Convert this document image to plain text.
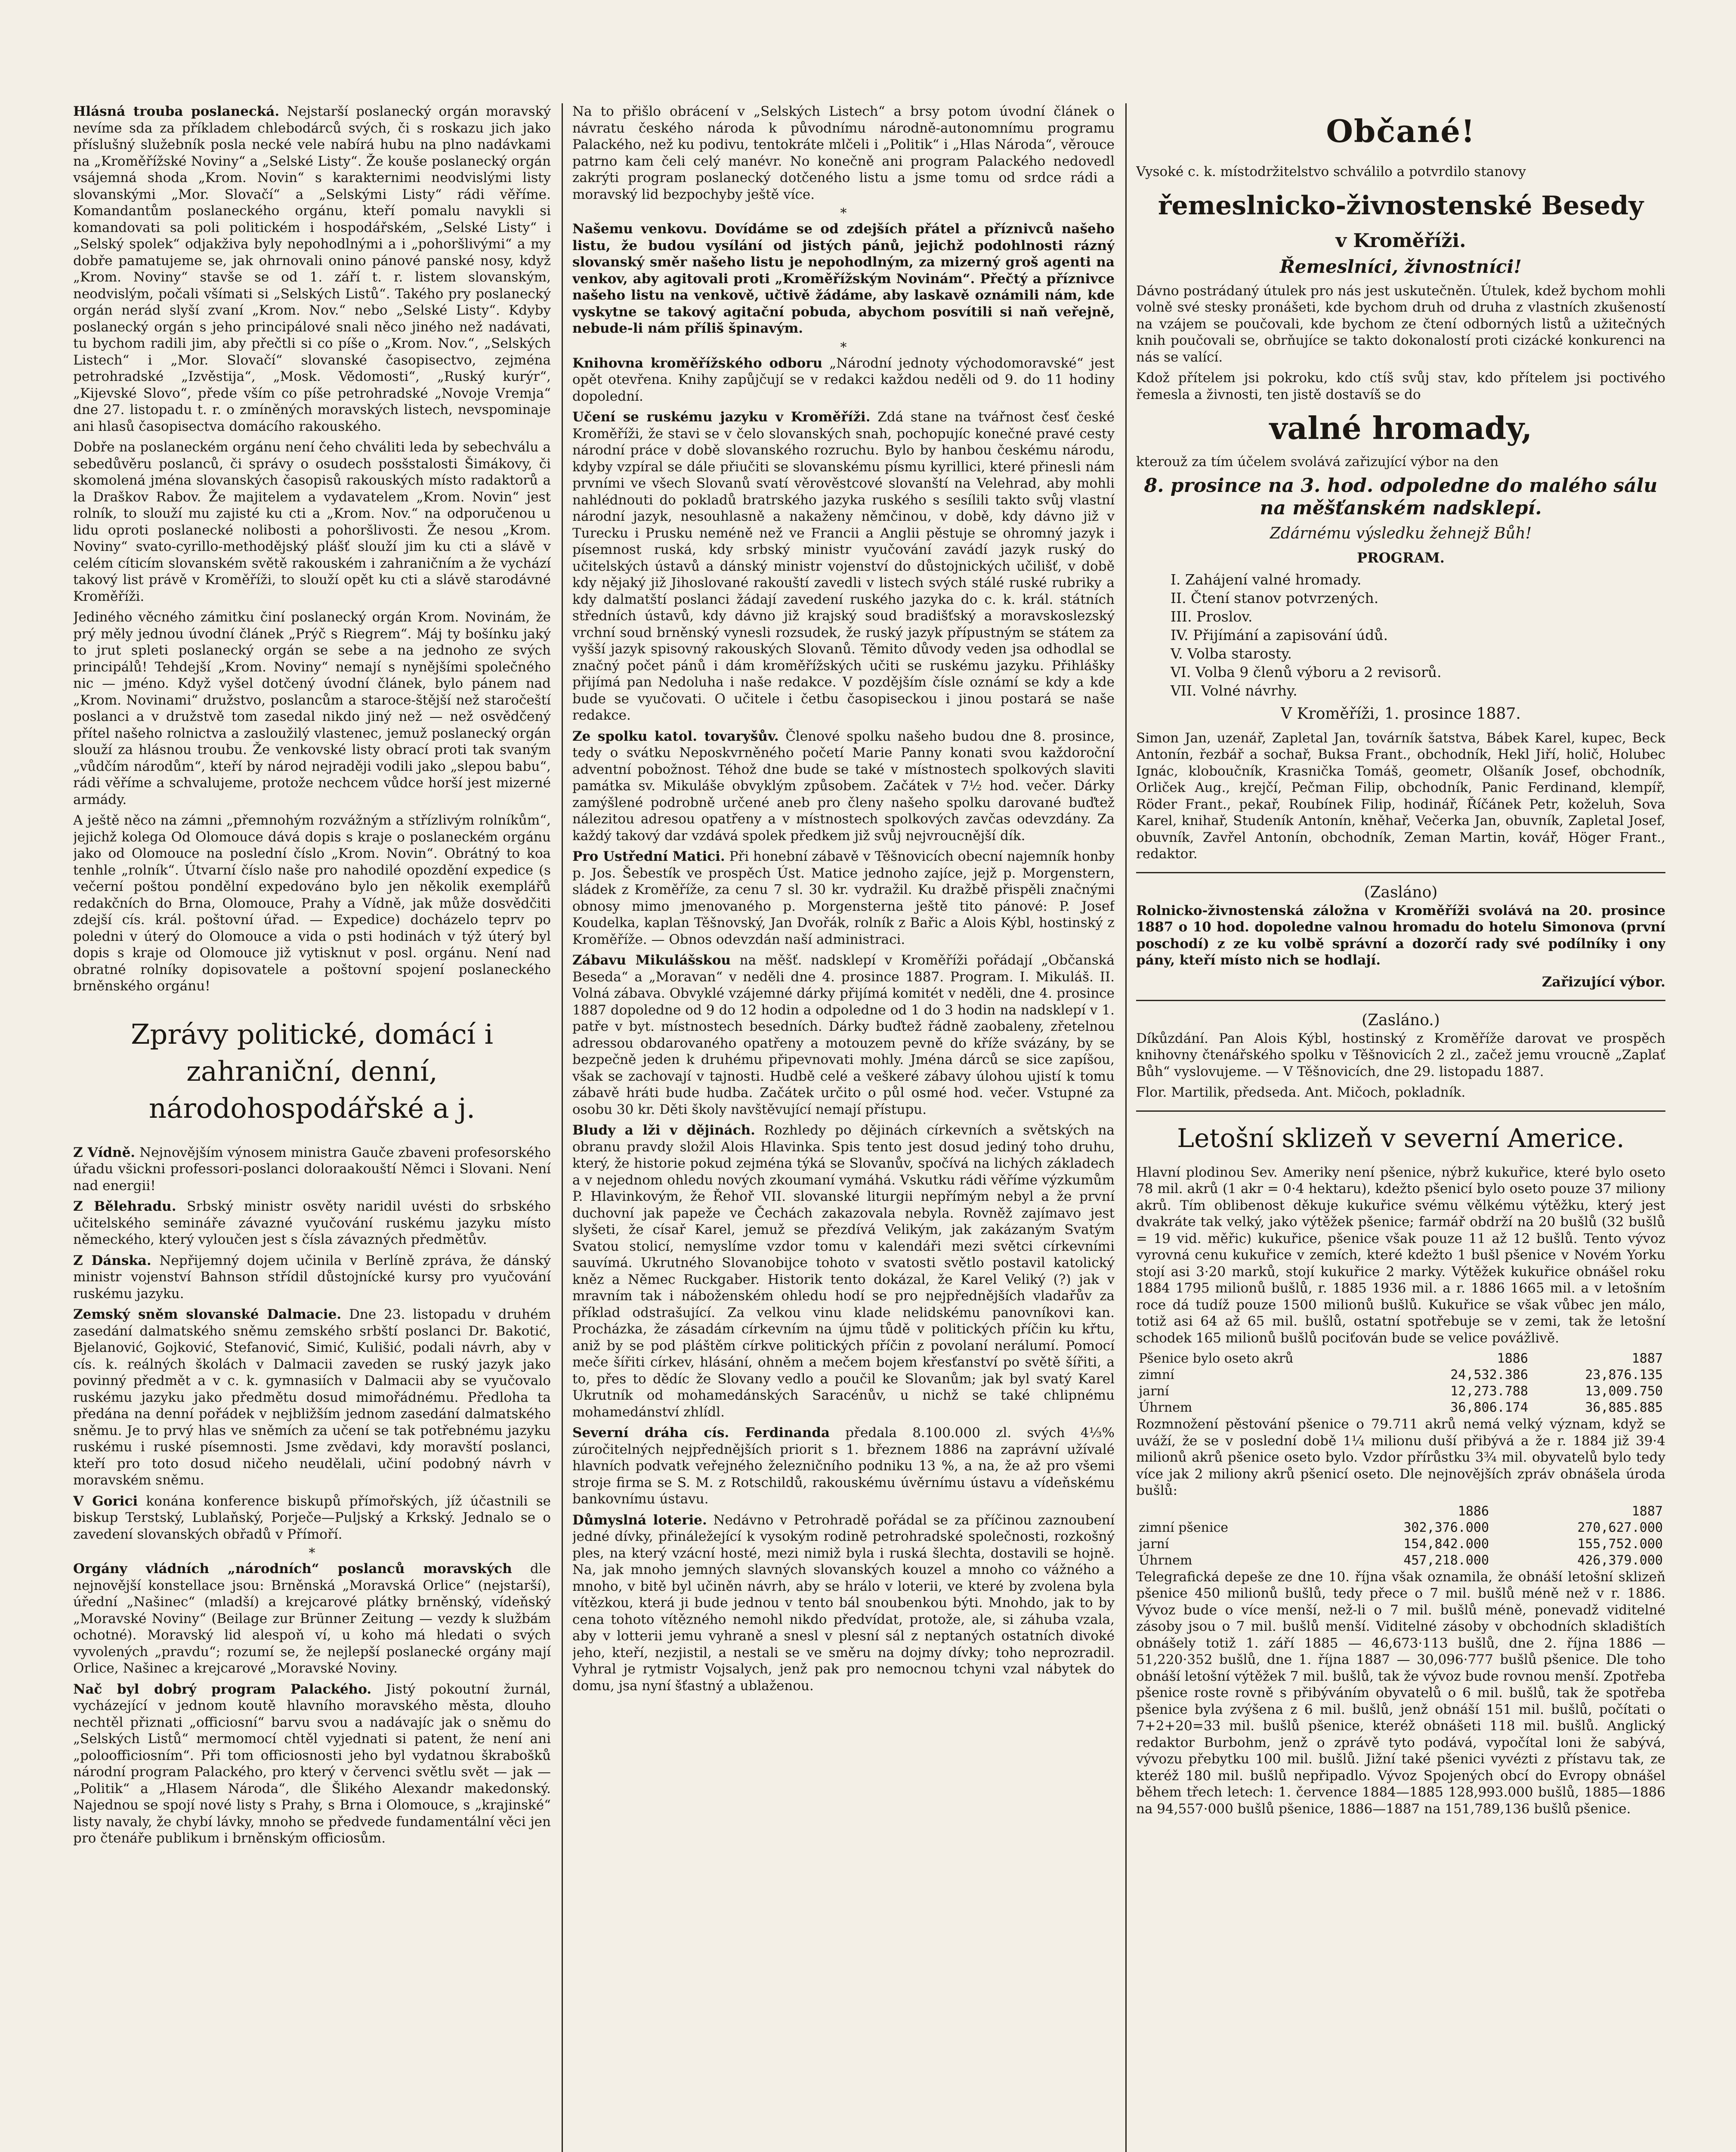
Hlásná trouba poslanecká. Nejstarší poslanecký orgán moravský nevíme sda za příkladem chlebodárců svých, či s roskazu jich jako příslušný služebník posla necké vele nabírá hubu na plno nadávkami na „Kroměřížské Noviny“ a „Selské Listy“. Že kouše poslanecký orgán vsájemná shoda „Krom. Novin“ s karakternimi neodvislými listy slovanskými „Mor. Slovačí“ a „Selskými Listy“ rádi věříme. Komandantům poslaneckého orgánu, kteří pomalu navykli si komandovati sa poli politickém i hospodářském, „Selské Listy“ i „Selský spolek“ odjakživa byly nepohodlnými a i „pohoršlivými“ a my dobře pamatujeme se, jak ohrnovali onino pánové panské nosy, když „Krom. Noviny“ stavše se od 1. září t. r. listem slovanským, neodvislým, počali všímati si „Selských Listů“. Takého pry poslanecký orgán nerád slyší zvaní „Krom. Nov.“ nebo „Selské Listy“. Kdyby poslanecký orgán s jeho principálové snali něco jiného než nadávati, tu bychom radili jim, aby přečtli si co píše o „Krom. Nov.“, „Selských Listech“ i „Mor. Slovačí“ slovanské časopisectvo, zejména petrohradské „Izvěstija“, „Mosk. Vědomosti“, „Ruský kurýr“, „Kijevské Slovo“, přede vším co píše petrohradské „Novoje Vremja“ dne 27. listopadu t. r. o zmíněných moravských listech, nevspominaje ani hlasů časopisectva domácího rakouského.

Dobře na poslaneckém orgánu není čeho chváliti leda by sebechválu a sebedůvěru poslanců, či správy o osudech posšstalosti Šimákovy, či skomolená jména slovanských časopisů rakouských místo radaktorů a la Draškov Rabov. Že majitelem a vydavatelem „Krom. Novin“ jest rolník, to slouží mu zajisté ku cti a „Krom. Nov.“ na odporučenou u lidu oproti poslanecké nolibosti a pohoršlivosti. Že nesou „Krom. Noviny“ svato-cyrillo-methodějský plášť slouží jim ku cti a slávě v celém cíticím slovanském světě rakouském i zahraničním a že vychází takový list právě v Kroměříži, to slouží opět ku cti a slávě starodávné Kroměříži.

Jediného věcného zámitku činí poslanecký orgán Krom. Novinám, že prý měly jednou úvodní článek „Prýč s Riegrem“. Máj ty bošínku jaký to jrut spleti poslanecký orgán se sebe a na jednoho ze svých principálů! Tehdejší „Krom. Noviny“ nemají s nynějšími společného nic — jméno. Když vyšel dotčený úvodní článek, bylo pánem nad „Krom. Novinami“ družstvo, poslancům a staroce-štější než staročeští poslanci a v družstvě tom zasedal nikdo jiný než — než osvědčený přítel našeho rolnictva a zasloužilý vlastenec, jemuž poslanecký orgán slouží za hlásnou troubu. Že venkovské listy obrací proti tak svaným „vůdčím národům“, kteří by národ nejraději vodili jako „slepou babu“, rádi věříme a schvalujeme, protože nechcem vůdce horší jest mizerné armády.

A ještě něco na zámni „přemnohým rozvážným a střízlivým rolníkům“, jejichž kolega Od Olomouce dává dopis s kraje o poslaneckém orgánu jako od Olomouce na poslední číslo „Krom. Novin“. Obrátný to koa tenhle „rolník“. Útvarní číslo naše pro nahodilé opozdění expedice (s večerní poštou pondělní expedováno bylo jen několik exemplářů redakčních do Brna, Olomouce, Prahy a Vídně, jak může dosvědčiti zdejší cís. král. poštovní úřad. — Expedice) docházelo teprv po poledni v úterý do Olomouce a vida o psti hodinách v týž úterý byl dopis s kraje od Olomouce již vytisknut v posl. orgánu. Není nad obratné rolníky dopisovatele a poštovní spojení poslaneckého brněnského orgánu!

Zprávy politické, domácí i zahraniční, denní, národohospodářské a j.

Z Vídně. Nejnovějším výnosem ministra Gauče zbaveni profesorského úřadu všickni professori-poslanci doloraakouští Němci i Slovani. Není nad energii!

Z Bělehradu. Srbský ministr osvěty naridil uvésti do srbského učitelského semináře závazné vyučování ruskému jazyku místo německého, který vyloučen jest s čísla závazných předmětův.

Z Dánska. Nepřijemný dojem učinila v Berlíně zpráva, že dánský ministr vojenství Bahnson střídil důstojnícké kursy pro vyučování ruskému jazyku.

Zemský sněm slovanské Dalmacie. Dne 23. listopadu v druhém zasedání dalmatského sněmu zemského srbští poslanci Dr. Bakotić, Bjelanović, Gojković, Stefanović, Simić, Kulišić, podali návrh, aby v cís. k. reálných školách v Dalmacii zaveden se ruský jazyk jako povinný předmět a v c. k. gymnasiích v Dalmacii aby se vyučovalo ruskému jazyku jako předmětu dosud mimořádnému. Předloha ta předána na denní pořádek v nejbližším jednom zasedání dalmatského sněmu. Je to prvý hlas ve sněmích za učení se tak potřebnému jazyku ruskému i ruské písemnosti. Jsme zvědavi, kdy moravští poslanci, kteří pro toto dosud ničeho neudělali, učiní podobný návrh v moravském sněmu.

V Gorici konána konference biskupů přímořských, jíž účastnili se biskup Terstský, Lublaňský, Porječe—Puljský a Krkský. Jednalo se o zavedení slovanských obřadů v Přímoří.

*

Orgány vládních „národních“ poslanců moravských dle nejnovější konstellace jsou: Brněnská „Moravská Orlice“ (nejstarší), úřední „Našinec“ (mladší) a krejcarové plátky brněnský, vídeňský „Moravské Noviny“ (Beilage zur Brünner Zeitung — vezdy k službám ochotné). Moravský lid alespoň ví, u koho má hledati o svých vyvolených „pravdu“; rozumí se, že nejlepší poslanecké orgány mají Orlice, Našinec a krejcarové „Moravské Noviny.

Nač byl dobrý program Palackého. Jistý pokoutní žurnál, vycházející v jednom koutě hlavního moravského města, dlouho nechtěl přiznati „officiosní“ barvu svou a nadávajíc jak o sněmu do „Selských Listů“ mermomocí chtěl vyjednati si patent, že není ani „poloofficiosním“. Při tom officiosnosti jeho byl vydatnou škrabošků národní program Palackého, pro který v červenci světlu svět — jak — „Politik“ a „Hlasem Národa“, dle Šlikého Alexandr makedonský. Najednou se spojí nové listy s Prahy, s Brna i Olomouce, s „krajinské“ listy navaly, že chybí lávky, mnoho se předvede fundamentální věci jen pro čtenáře publikum i brněnským officiosům.

Na to přišlo obrácení v „Selských Listech“ a brsy potom úvodní článek o návratu českého národa k původnímu národně-autonomnímu programu Palackého, než ku podivu, tentokráte mlčeli i „Politik“ i „Hlas Národa“, věrouce patrno kam čeli celý manévr. No konečně ani program Palackého nedovedl zakrýti program poslanecký dotčeného listu a jsme tomu od srdce rádi a moravský lid bezpochyby ještě více.

*

Našemu venkovu. Dovídáme se od zdejších přátel a příznivců našeho listu, že budou vysílání od jistých pánů, jejichž podohlnosti rázný slovanský směr našeho listu je nepohodlným, za mizerný groš agenti na venkov, aby agitovali proti „Kroměřížským Novinám“. Přečtý a příznivce našeho listu na venkově, učtivě žádáme, aby laskavě oznámili nám, kde vyskytne se takový agitační pobuda, abychom posvítili si naň veřejně, nebude-li nám příliš špinavým.

*

Knihovna kroměřížského odboru „Národní jednoty východomoravské“ jest opět otevřena. Knihy zapůjčují se v redakci každou neděli od 9. do 11 hodiny dopolední.

Učení se ruskému jazyku v Kroměříži. Zdá stane na tvářnost česť české Kroměříži, že stavi se v čelo slovanských snah, pochopujíc konečné pravé cesty národní práce v době slovanského rozruchu. Bylo by hanbou českému národu, kdyby vzpíral se dále přiučiti se slovanskému písmu kyrillici, které přinesli nám prvními ve všech Slovanů svatí věrověstcové slovanští na Velehrad, aby mohli nahlédnouti do pokladů bratrského jazyka ruského s sesílili takto svůj vlastní národní jazyk, nesouhlasně a nakaženy němčinou, v době, kdy dávno již v Turecku i Prusku neméně než ve Francii a Anglii pěstuje se ohromný jazyk i písemnost ruská, kdy srbský ministr vyučování zavádí jazyk ruský do učitelských ústavů a dánský ministr vojenství do důstojnických učilišť, v době kdy nějaký již Jihoslované rakouští zavedli v listech svých stálé ruské rubriky a kdy dalmatští poslanci žádají zavedení ruského jazyka do c. k. král. státních středních ústavů, kdy dávno již krajský soud bradišťský a moravskoslezský vrchní soud brněnský vynesli rozsudek, že ruský jazyk přípustným se státem za vyšší jazyk spisovný rakouských Slovanů. Těmito důvody veden jsa odhodlal se značný počet pánů i dám kroměřížských učiti se ruskému jazyku. Přihlášky přijímá pan Nedoluha i naše redakce. V pozdějším čísle oznámí se kdy a kde bude se vyučovati. O učitele i četbu časopiseckou i jinou postará se naše redakce.

Ze spolku katol. tovaryšův. Členové spolku našeho budou dne 8. prosince, tedy o svátku Neposkvrněného početí Marie Panny konati svou každoroční adventní pobožnost. Téhož dne bude se také v místnostech spolkových slaviti památka sv. Mikuláše obvyklým způsobem. Začátek v 7½ hod. večer. Dárky zamýšlené podrobně určené aneb pro členy našeho spolku darované buďtež nálezitou adresou opatřeny a v místnostech spolkových zavčas odevzdány. Za každý takový dar vzdává spolek předkem již svůj nejvroucnější dík.

Pro Ustřední Matici. Při honební zábavě v Těšnovicích obecní najemník honby p. Jos. Šebestík ve prospěch Úst. Matice jednoho zajíce, jejž p. Morgenstern, sládek z Kroměříže, za cenu 7 sl. 30 kr. vydražil. Ku dražbě přispěli značnými obnosy mimo jmenovaného p. Morgensterna ještě tito pánové: P. Josef Koudelka, kaplan Těšnovský, Jan Dvořák, rolník z Bařic a Alois Kýbl, hostinský z Kroměříže. — Obnos odevzdán naší administraci.

Zábavu Mikulášskou na měšť. nadsklepí v Kroměříži pořádají „Občanská Beseda“ a „Moravan“ v neděli dne 4. prosince 1887. Program. I. Mikuláš. II. Volná zábava. Obvyklé vzájemné dárky přijímá komitét v neděli, dne 4. prosince 1887 dopoledne od 9 do 12 hodin a odpoledne od 1 do 3 hodin na nadsklepí v 1. patře v byt. místnostech besedních. Dárky buďtež řádně zaobaleny, zřetelnou adressou obdarovaného opatřeny a motouzem pevně do kříže svázány, by se bezpečně jeden k druhému připevnovati mohly. Jména dárců se sice zapíšou, však se zachovají v tajnosti. Hudbě celé a veškeré zábavy úlohou ujistí k tomu zábavě hráti bude hudba. Začátek určito o půl osmé hod. večer. Vstupné za osobu 30 kr. Děti školy navštěvující nemají přístupu.

Bludy a lži v dějinách. Rozhledy po dějinách církevních a světských na obranu pravdy složil Alois Hlavinka. Spis tento jest dosud jediný toho druhu, který, že historie pokud zejména týká se Slovanův, spočívá na lichých základech a v nejednom ohledu nových zkoumaní vymáhá. Vskutku rádi věříme výzkumům P. Hlavinkovým, že Řehoř VII. slovanské liturgii nepřímým nebyl a že první duchovní jak papeže ve Čechách zakazovala nebyla. Rovněž zajímavo jest slyšeti, že císař Karel, jemuž se přezdívá Velikým, jak zakázaným Svatým Svatou stolicí, nemyslíme vzdor tomu v kalendáři mezi světci církevními sauvímá. Ukrutného Slovanobijce tohoto v svatosti světlo postavil katolický kněz a Němec Ruckgaber. Historik tento dokázal, že Karel Veliký (?) jak v mravním tak i náboženském ohledu hodí se pro nejpřednějších vladařův za příklad odstrašující. Za velkou vinu klade nelidskému panovníkovi kan. Procházka, že zásadám církevním na újmu tůdě v politických příčin ku křtu, aniž by se pod pláštěm církve politických příčin z povolaní nerálumí. Pomocí meče šířiti církev, hlásání, ohněm a mečem bojem křesťanství po světě šířiti, a to, přes to dědíc že Slovany vedlo a poučil ke Slovanům; jak byl svatý Karel Ukrutník od mohamedánských Saracénův, u nichž se také chlipnému mohamedánství zhlídl.

Severní dráha cís. Ferdinanda předala 8.100.000 zl. svých 4⅓% zúročitelných nejpřednějších priorit s 1. březnem 1886 na zaprávní užívalé hlavních podvatk veřejného železničního podniku 13 %, a na, že až pro všemi stroje firma se S. M. z Rotschildů, rakouskému úvěrnímu ústavu a vídeňskému bankovnímu ústavu.

Důmyslná loterie. Nedávno v Petrohradě pořádal se za příčinou zaznoubení jedné dívky, přináležející k vysokým rodině petrohradské společnosti, rozkošný ples, na který vzácní hosté, mezi nimiž byla i ruská šlechta, dostavili se hojně. Na, jak mnoho jemných slavných slovanských kouzel a mnoho co vážného a mnoho, v bitě byl učiněn návrh, aby se hrálo v loterii, ve které by zvolena byla vítězkou, která ji bude jednou v tento bál snoubenkou býti. Mnohdo, jak to by cena tohoto vítězného nemohl nikdo předvídat, protože, ale, si záhuba vzala, aby v lotterii jemu vyhraně a snesl v plesní sál z neptaných ostatních divoké jeho, kteří, nezjistil, a nestali se ve směru na dojmy dívky; toho neprozradil. Vyhral je rytmistr Vojsalych, jenž pak pro nemocnou tchyni vzal nábytek do domu, jsa nyní šťastný a ublaženou.

Občané!

Vysoké c. k. místodržitelstvo schválilo a potvrdilo stanovy

řemeslnicko-živnostenské Besedy
v Kroměříži.
Řemeslníci, živnostníci!

Dávno postrádaný útulek pro nás jest uskutečněn. Útulek, kdež bychom mohli volně své stesky pronášeti, kde bychom druh od druha z vlastních zkušeností na vzájem se poučovali, kde bychom ze čtení odborných listů a užitečných knih poučovali se, obrňujíce se takto dokonalostí proti cizácké konkurenci na nás se valící.

Kdož přítelem jsi pokroku, kdo ctíš svůj stav, kdo přítelem jsi poctivého řemesla a živnosti, ten jistě dostavíš se do

valné hromady,

kterouž za tím účelem svolává zařizující výbor na den

8. prosince na 3. hod. odpoledne do malého sálu na měšťanském nadsklepí.
Zdárnému výsledku žehnejž Bůh!
PROGRAM.
I. Zahájení valné hromady.
II. Čtení stanov potvrzených.
III. Proslov.
IV. Přijímání a zapisování údů.
V. Volba starosty.
VI. Volba 9 členů výboru a 2 revisorů.
VII. Volné návrhy.
V Kroměříži, 1. prosince 1887.

Simon Jan, uzenář, Zapletal Jan, továrník šatstva, Bábek Karel, kupec, Beck Antonín, řezbář a sochař, Buksa Frant., obchodník, Hekl Jiří, holič, Holubec Ignác, kloboučník, Krasnička Tomáš, geometr, Olšaník Josef, obchodník, Orliček Aug., krejčí, Pečman Filip, obchodník, Panic Ferdinand, klempíř, Röder Frant., pekař, Roubínek Filip, hodinář, Říčánek Petr, koželuh, Sova Karel, knihař, Studeník Antonín, kněhař, Večerka Jan, obuvník, Zapletal Josef, obuvník, Zavřel Antonín, obchodník, Zeman Martin, kovář, Höger Frant., redaktor.

(Zasláno)

Rolnicko-živnostenská záložna v Kroměříži svolává na 20. prosince 1887 o 10 hod. dopoledne valnou hromadu do hotelu Simonova (první poschodí) z ze ku volbě správní a dozorčí rady své podílníky i ony pány, kteří místo nich se hodlají.

Zařizující výbor.
(Zasláno.)

Díkůzdání. Pan Alois Kýbl, hostinský z Kroměříže darovat ve prospěch knihovny čtenářského spolku v Těšnovicích 2 zl., začež jemu vroucně „Zaplať Bůh“ vyslovujeme. — V Těšnovicích, dne 29. listopadu 1887.

Flor. Martilik, předseda. Ant. Mičoch, pokladník.

Letošní sklizeň v severní Americe.

Hlavní plodinou Sev. Ameriky není pšenice, nýbrž kukuřice, které bylo oseto 78 mil. akrů (1 akr = 0·4 hektaru), kdežto pšenicí bylo oseto pouze 37 miliony akrů. Tím oblibenost děkuje kukuřice svému vělkému výtěžku, který jest dvakráte tak velký, jako výtěžek pšenice; farmář obdrží na 20 bušlů (32 bušlů = 19 vid. měřic) kukuřice, pšenice však pouze 11 až 12 bušlů. Tento vývoz vyrovná cenu kukuřice v zemích, které kdežto 1 bušl pšenice v Novém Yorku stojí asi 3·20 marků, stojí kukuřice 2 marky. Výtěžek kukuřice obnášel roku 1884 1795 milionů bušlů, r. 1885 1936 mil. a r. 1886 1665 mil. a v letošním roce dá tudíž pouze 1500 milionů bušlů. Kukuřice se však vůbec jen málo, totiž asi 64 až 65 mil. bušlů, ostatní spotřebuje se v zemi, tak že letošní schodek 165 milionů bušlů pociťován bude se velice povážlivě.

Pšenice bylo oseto akrů	1886	1887
zimní	24,532.386	23,876.135
jarní	12,273.788	13,009.750
Úhrnem	36,806.174	36,885.885

Rozmnožení pěstování pšenice o 79.711 akrů nemá velký význam, když se uváží, že se v poslední době 1¼ milionu duší přibývá a že r. 1884 již 39·4 milionů akrů pšenice oseto bylo. Vzdor přírůstku 3¾ mil. obyvatelů bylo tedy více jak 2 miliony akrů pšenicí oseto. Dle nejnovějších zpráv obnášela úroda bušlů:

	1886	1887
zimní pšenice	302,376.000	270,627.000
jarní	154,842.000	155,752.000
Úhrnem	457,218.000	426,379.000

Telegrafická depeše ze dne 10. října však oznamila, že obnáší letošní sklizeň pšenice 450 milionů bušlů, tedy přece o 7 mil. bušlů méně než v r. 1886. Vývoz bude o více menší, než-li o 7 mil. bušlů méně, ponevadž viditelné zásoby jsou o 7 mil. bušlů menší. Viditelné zásoby v obchodních skladištích obnášely totiž 1. září 1885 — 46,673·113 bušlů, dne 2. října 1886 — 51,220·352 bušlů, dne 1. října 1887 — 30,096·777 bušlů pšenice. Dle toho obnáší letošní výtěžek 7 mil. bušlů, tak že vývoz bude rovnou menší. Zpotřeba pšenice roste rovně s přibýváním obyvatelů o 6 mil. bušlů, tak že spotřeba pšenice byla zvýšena z 6 mil. bušlů, jenž obnáší 151 mil. bušlů, počítati o 7+2+20=33 mil. bušlů pšenice, kteréž obnášeti 118 mil. bušlů. Anglický redaktor Burbohm, jenž o zprávě tyto podává, vypočítal loni že sabývá, vývozu přebytku 100 mil. bušlů. Jižní také pšenici vyvézti z přístavu tak, ze kteréž 180 mil. bušlů nepřipadlo. Vývoz Spojených obcí do Evropy obnášel během třech letech: 1. července 1884—1885 128,993.000 bušlů, 1885—1886 na 94,557·000 bušlů pšenice, 1886—1887 na 151,789,136 bušlů pšenice.
